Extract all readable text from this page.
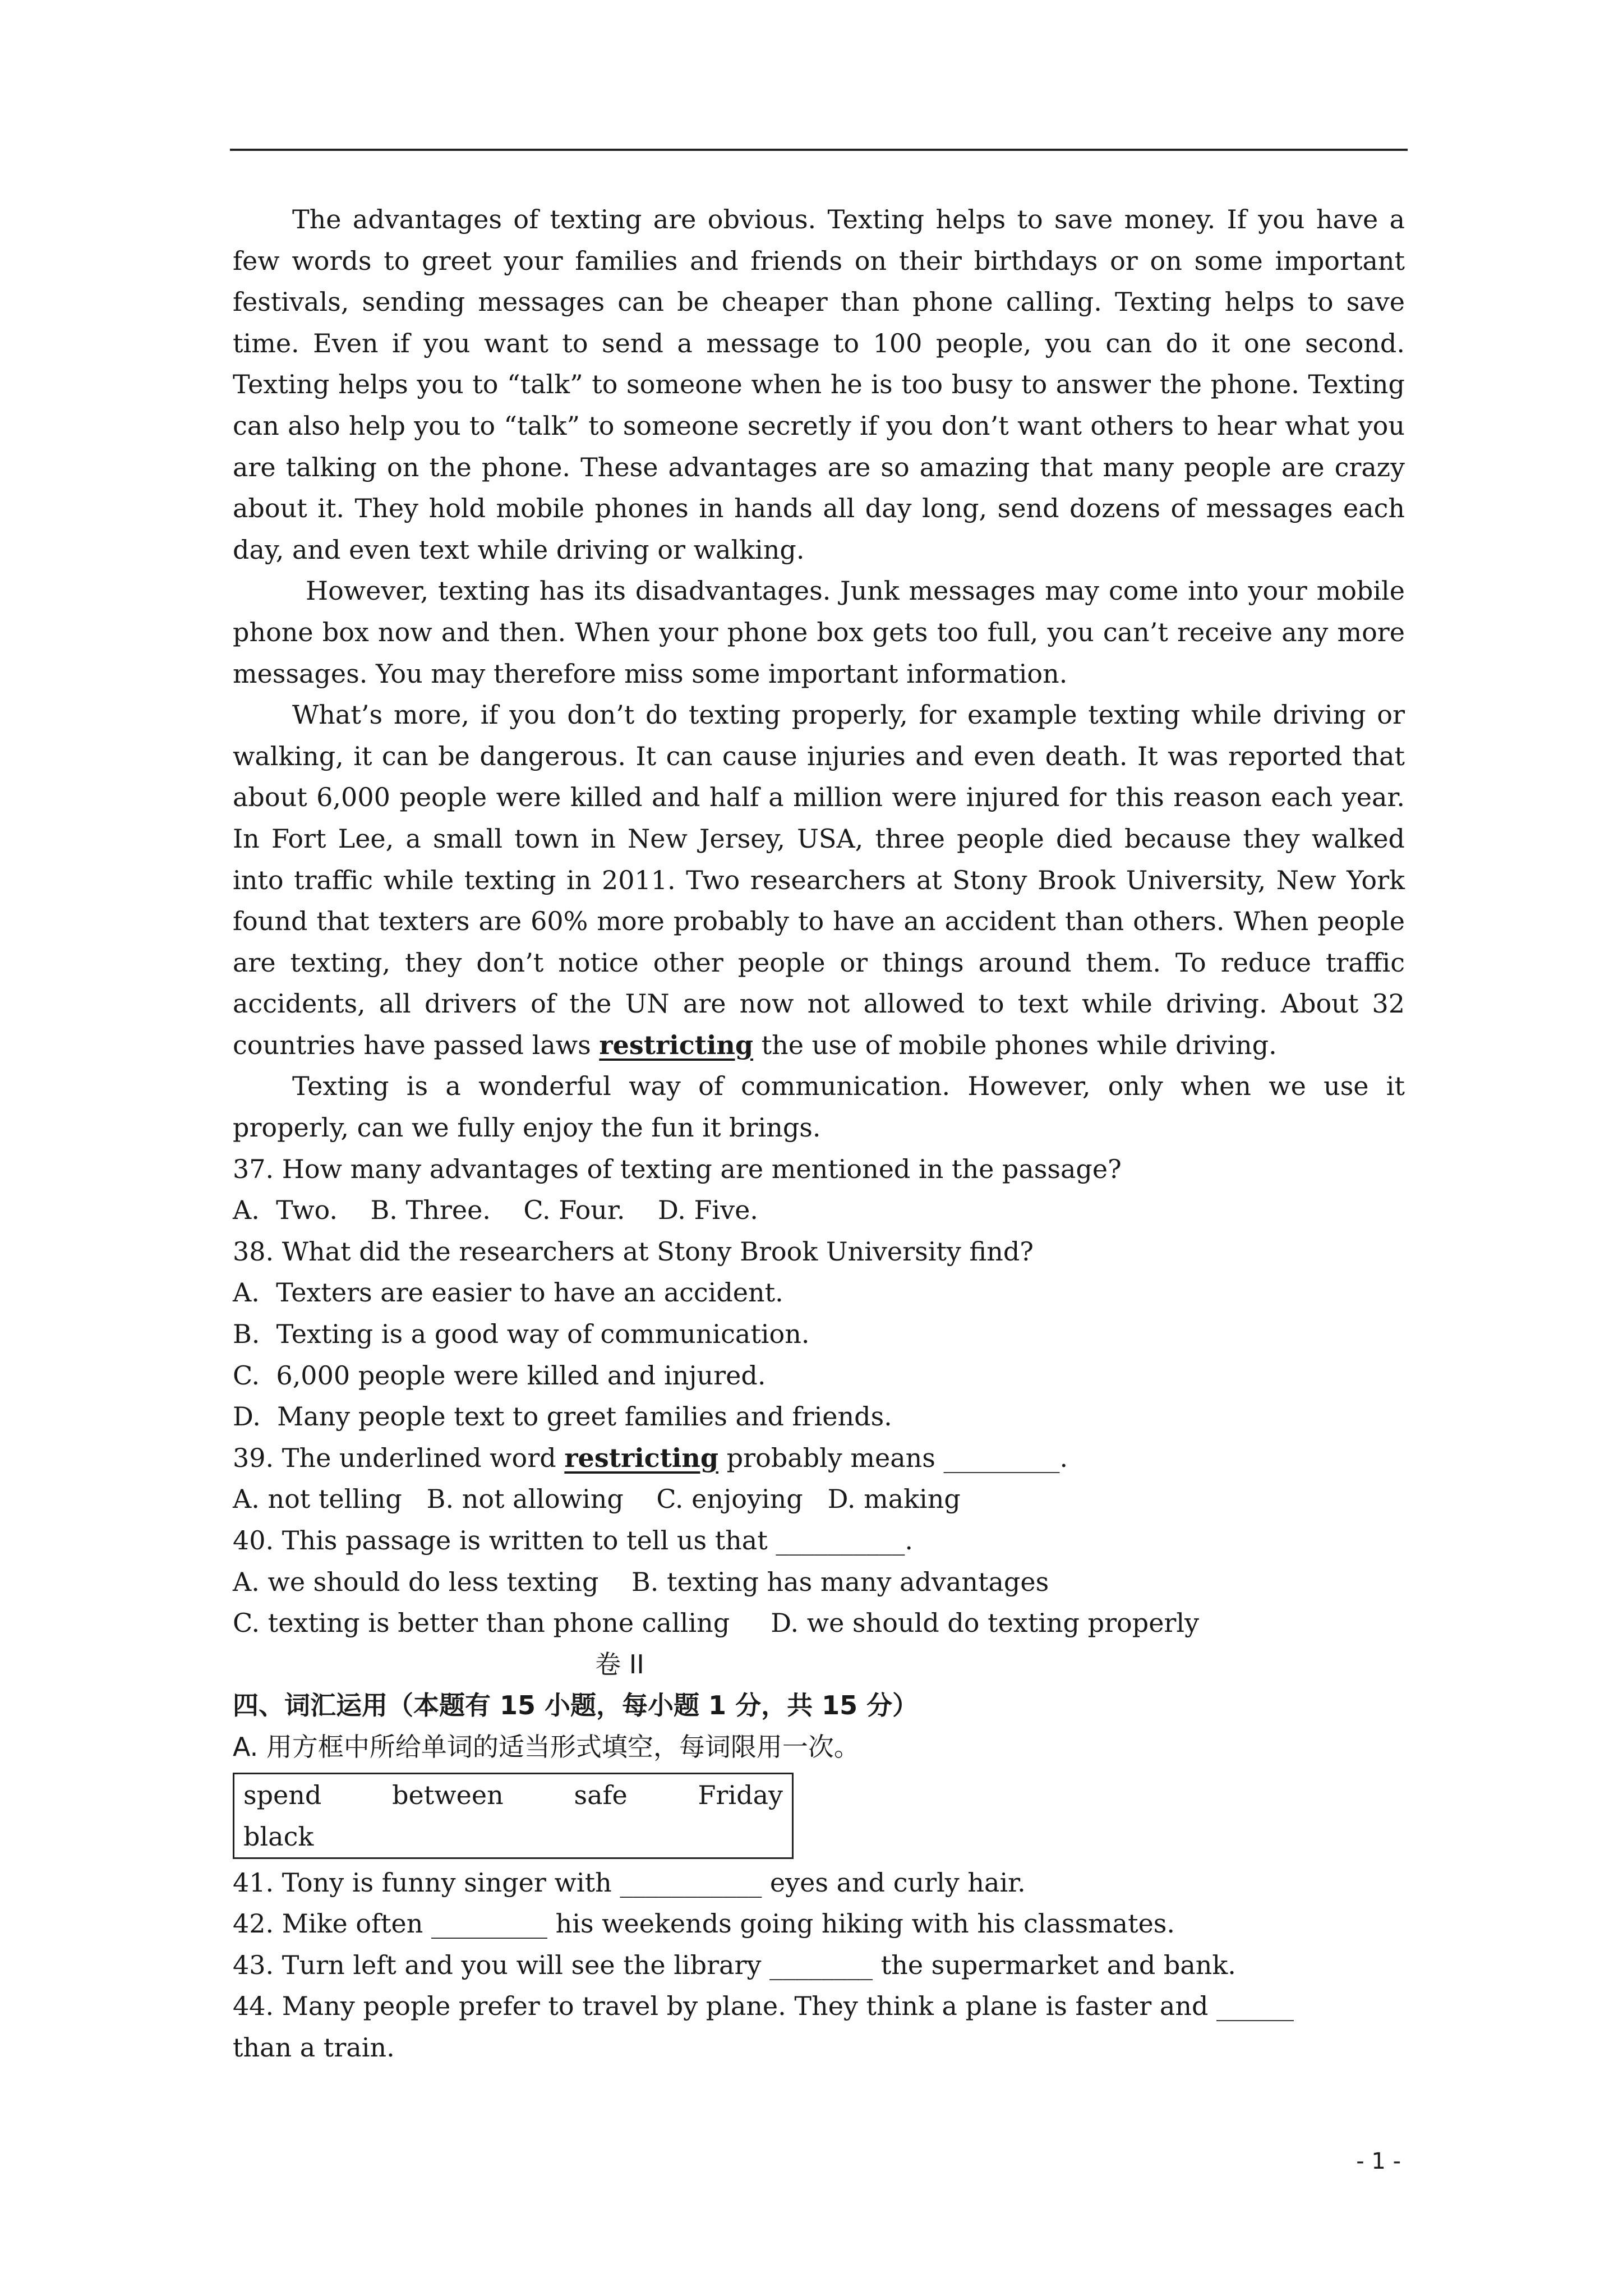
The advantages of texting are obvious. Texting helps to save money. If you have a few words to greet your families and friends on their birthdays or on some important festivals, sending messages can be cheaper than phone calling. Texting helps to save time. Even if you want to send a message to 100 people, you can do it one second. Texting helps you to “talk” to someone when he is too busy to answer the phone. Texting can also help you to “talk” to someone secretly if you don’t want others to hear what you are talking on the phone. These advantages are so amazing that many people are crazy about it. They hold mobile phones in hands all day long, send dozens of messages each day, and even text while driving or walking.

However, texting has its disadvantages. Junk messages may come into your mobile phone box now and then. When your phone box gets too full, you can’t receive any more messages. You may therefore miss some important information.

What’s more, if you don’t do texting properly, for example texting while driving or walking, it can be dangerous. It can cause injuries and even death. It was reported that about 6,000 people were killed and half a million were injured for this reason each year. In Fort Lee, a small town in New Jersey, USA, three people died because they walked into traffic while texting in 2011. Two researchers at Stony Brook University, New York found that texters are 60% more probably to have an accident than others. When people are texting, they don’t notice other people or things around them. To reduce traffic accidents, all drivers of the UN are now not allowed to text while driving. About 32 countries have passed laws restricting the use of mobile phones while driving.

Texting is a wonderful way of communication. However, only when we use it properly, can we fully enjoy the fun it brings.

37. How many advantages of texting are mentioned in the passage?

A.  Two.    B. Three.    C. Four.    D. Five.

38. What did the researchers at Stony Brook University find?

A.  Texters are easier to have an accident.

B.  Texting is a good way of communication.

C.  6,000 people were killed and injured.

D.  Many people text to greet families and friends.

39. The underlined word restricting probably means _________.

A. not telling   B. not allowing    C. enjoying   D. making

40. This passage is written to tell us that __________.

A. we should do less texting    B. texting has many advantages

C. texting is better than phone calling     D. we should do texting properly

卷 II

四、词汇运用（本题有 15 小题，每小题 1 分，共 15 分）

A. 用方框中所给单词的适当形式填空，每词限用一次。

spend	between	safe	Friday
black

41. Tony is funny singer with ___________ eyes and curly hair.

42. Mike often _________ his weekends going hiking with his classmates.

43. Turn left and you will see the library ________ the supermarket and bank.

44. Many people prefer to travel by plane. They think a plane is faster and ______

than a train.

- 1 -
